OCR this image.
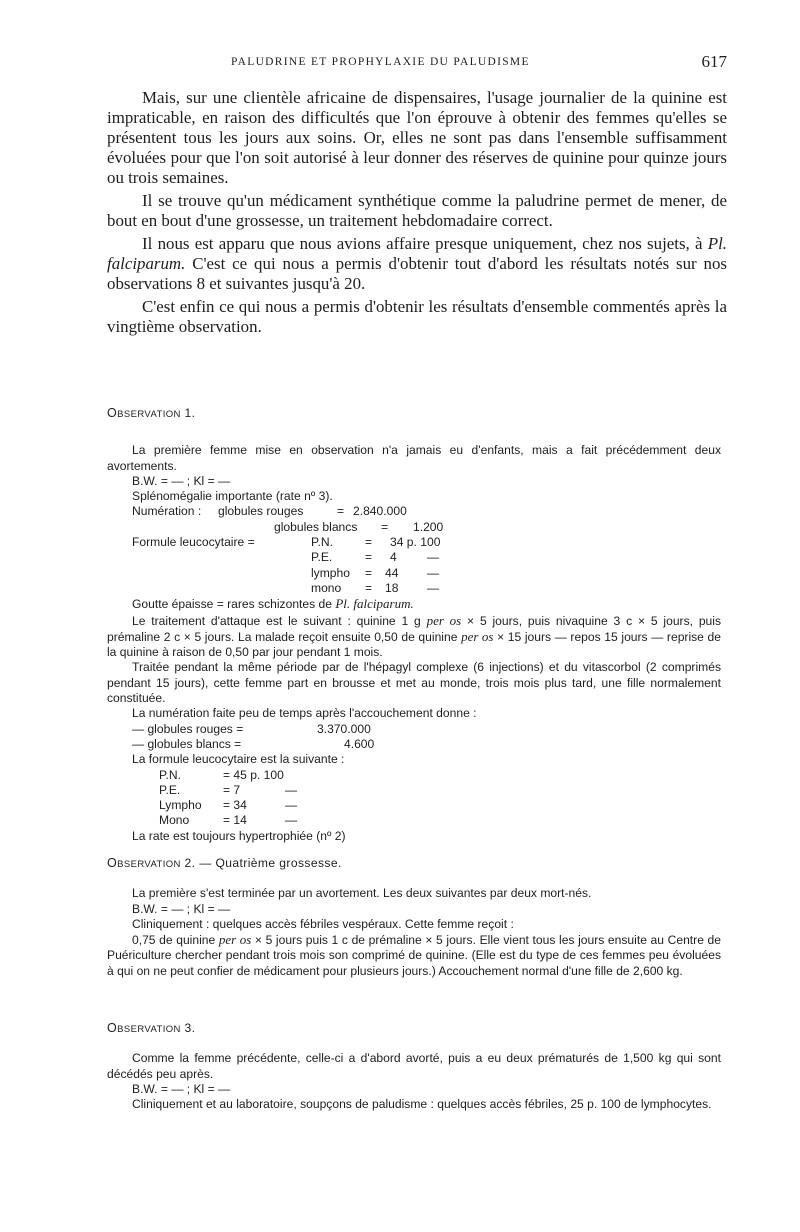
PALUDRINE ET PROPHYLAXIE DU PALUDISME	617

Mais, sur une clientèle africaine de dispensaires, l'usage journalier de la quinine est impraticable, en raison des difficultés que l'on éprouve à obtenir des femmes qu'elles se présentent tous les jours aux soins. Or, elles ne sont pas dans l'ensemble suffisamment évoluées pour que l'on soit autorisé à leur donner des réserves de quinine pour quinze jours ou trois semaines.

Il se trouve qu'un médicament synthétique comme la paludrine permet de mener, de bout en bout d'une grossesse, un traitement hebdomadaire correct.

Il nous est apparu que nous avions affaire presque uniquement, chez nos sujets, à Pl. falciparum. C'est ce qui nous a permis d'obtenir tout d'abord les résultats notés sur nos observations 8 et suivantes jusqu'à 20.

C'est enfin ce qui nous a permis d'obtenir les résultats d'ensemble commentés après la vingtième observation.

OBSERVATION 1.
La première femme mise en observation n'a jamais eu d'enfants, mais a fait précédemment deux avortements.
B.W. = — ; Kl = —
Splénomégalie importante (rate nº 3).
Numération : globules rouges	= 2.840.000
globules blancs = 1.200
Formule leucocytaire =	P.N.	= 34 p. 100
P.E.	= 4	—
lympho = 44 —
mono = 18 —
Goutte épaisse = rares schizontes de Pl. falciparum.
Le traitement d'attaque est le suivant : quinine 1 g per os × 5 jours, puis nivaquine 3 c × 5 jours, puis prémaline 2 c × 5 jours. La malade reçoit ensuite 0,50 de quinine per os × 15 jours — repos 15 jours — reprise de la quinine à raison de 0,50 par jour pendant 1 mois.
Traitée pendant la même période par de l'hépagyl complexe (6 injections) et du vitascorbol (2 comprimés pendant 15 jours), cette femme part en brousse et met au monde, trois mois plus tard, une fille normalement constituée.
La numération faite peu de temps après l'accouchement donne :
— globules rouges =	3.370.000
— globules blancs =	4.600
La formule leucocytaire est la suivante :
P.N.	= 45 p. 100
P.E.	= 7	—
Lympho = 34	—
Mono	= 14	—
La rate est toujours hypertrophiée (nº 2)
OBSERVATION 2. — Quatrième grossesse.
La première s'est terminée par un avortement. Les deux suivantes par deux mort-nés.
B.W. = — ; Kl = —
Cliniquement : quelques accès fébriles vespéraux. Cette femme reçoit :
0,75 de quinine per os × 5 jours puis 1 c de prémaline × 5 jours. Elle vient tous les jours ensuite au Centre de Puériculture chercher pendant trois mois son comprimé de quinine. (Elle est du type de ces femmes peu évoluées à qui on ne peut confier de médicament pour plusieurs jours.) Accouchement normal d'une fille de 2,600 kg.
OBSERVATION 3.
Comme la femme précédente, celle-ci a d'abord avorté, puis a eu deux prématurés de 1,500 kg qui sont décédés peu après.
B.W. = — ; Kl = —
Cliniquement et au laboratoire, soupçons de paludisme : quelques accès fébriles, 25 p. 100 de lymphocytes.
